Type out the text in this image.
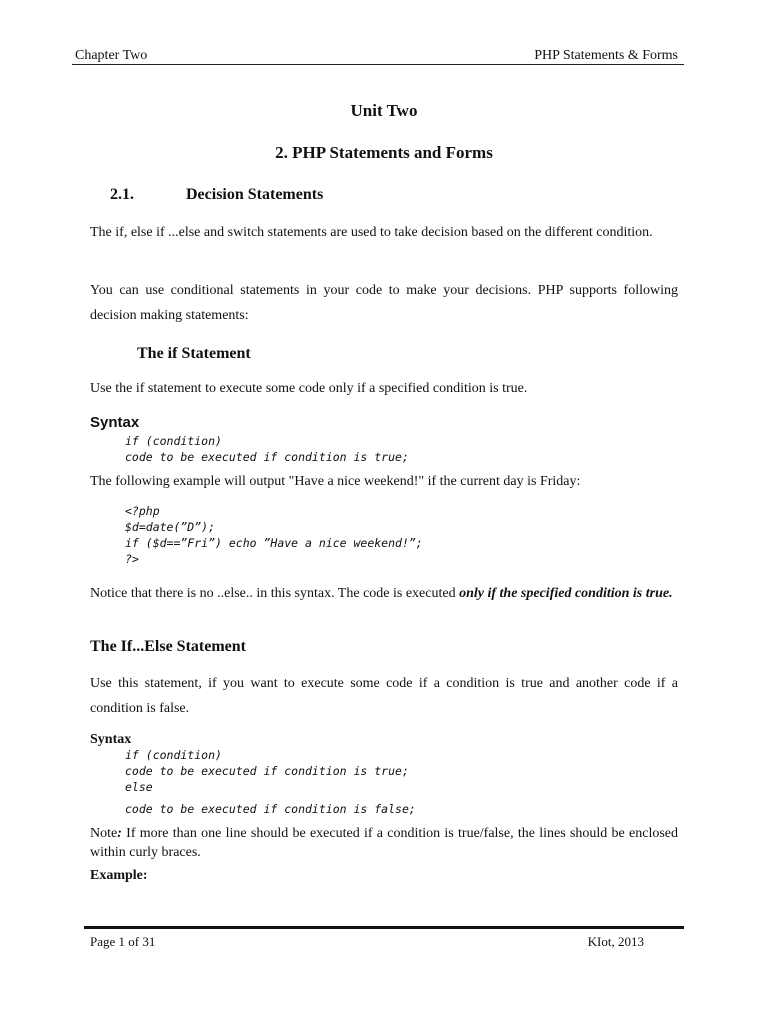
Chapter Two	PHP Statements & Forms
Unit Two
2. PHP Statements and Forms
2.1.	Decision Statements
The if, else if ...else and switch statements are used to take decision based on the different condition.
You can use conditional statements in your code to make your decisions. PHP supports following decision making statements:
The if Statement
Use the if statement to execute some code only if a specified condition is true.
Syntax
if (condition)
code to be executed if condition is true;
The following example will output "Have a nice weekend!" if the current day is Friday:
<?php
$d=date(”D”);
if ($d==”Fri”) echo ”Have a nice weekend!”;
?>
Notice that there is no ..else.. in this syntax. The code is executed only if the specified condition is true.
The If...Else Statement
Use this statement, if you want to execute some code if a condition is true and another code if a condition is false.
Syntax
if (condition)
code to be executed if condition is true;
else
code to be executed if condition is false;
Note: If more than one line should be executed if a condition is true/false, the lines should be enclosed within curly braces.
Example:
Page 1 of 31	KIot, 2013
